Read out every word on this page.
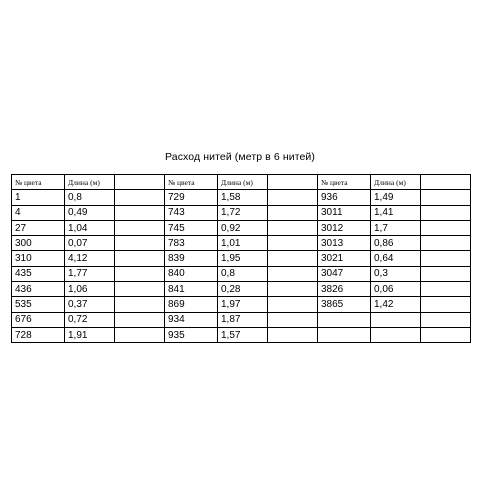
Расход нитей (метр в 6 нитей)
№ цвета	Длина (м)		№ цвета	Длина (м)		№ цвета	Длина (м)	
1	0,8		729	1,58		936	1,49	
4	0,49		743	1,72		3011	1,41	
27	1,04		745	0,92		3012	1,7	
300	0,07		783	1,01		3013	0,86	
310	4,12		839	1,95		3021	0,64	
435	1,77		840	0,8		3047	0,3	
436	1,06		841	0,28		3826	0,06	
535	0,37		869	1,97		3865	1,42	
676	0,72		934	1,87				
728	1,91		935	1,57				
